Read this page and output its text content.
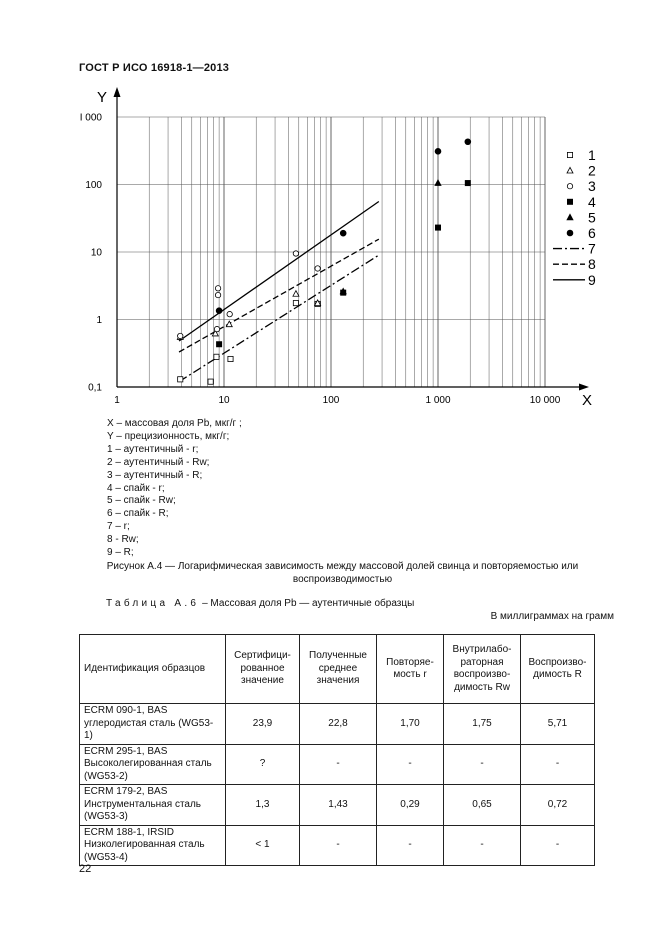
ГОСТ Р ИСО 16918-1—2013
X
Y
1	10	100	1 000	10 000
0,1
1
10
100
I 000
1
2
3
4
5
6
7
8
9
X – массовая доля Pb, мкг/г ;
Y – прецизионность, мкг/г;
1 – аутентичный - r;
2 – аутентичный - Rw;
3 – аутентичный - R;
4 – спайк - r;
5 – спайк - Rw;
6 – спайк - R;
7 – r;
8 - Rw;
9 – R;
Рисунок А.4 — Логарифмическая зависимость между массовой долей свинца и повторяемостью или воспроизводимостью
Таблица А.6 – Массовая доля Pb — аутентичные образцы
В миллиграммах на грамм
Идентификация образцов	Сертифици-рованное значение	Полученные среднее значения	Повторяе-мость r	Внутрилабо-раторная воспроизво-димость Rw	Воспроизво-димость R
ECRM 090-1, BAS углеродистая сталь (WG53-1)	23,9	22,8	1,70	1,75	5,71
ECRM 295-1, BAS Высоколегированная сталь (WG53-2)	?	-	-	-	-
ECRM 179-2, BAS Инструментальная сталь (WG53-3)	1,3	1,43	0,29	0,65	0,72
ECRM 188-1, IRSID Низколегированная сталь (WG53-4)	< 1	-	-	-	-
22
